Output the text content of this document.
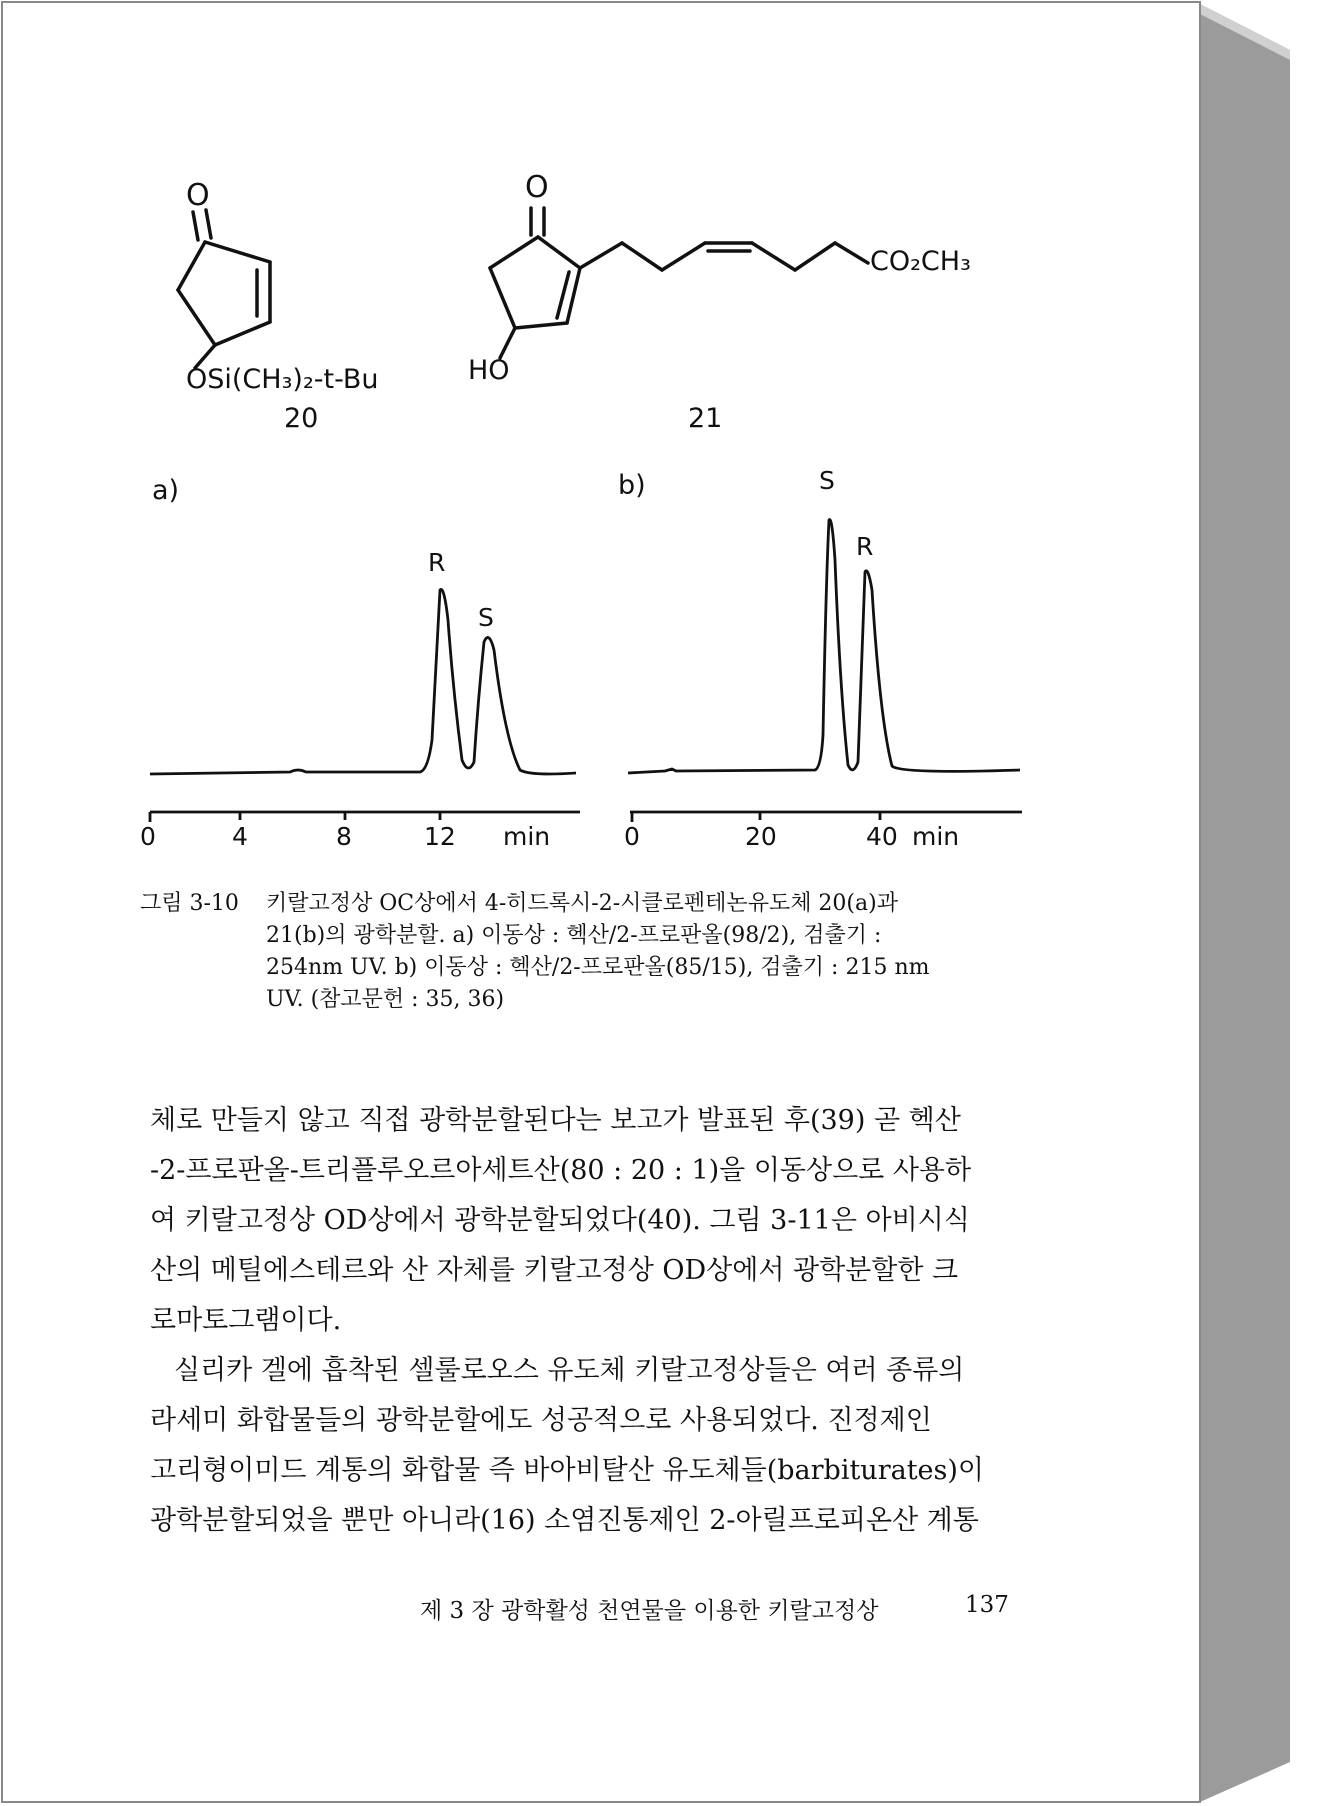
O
OSi(CH₃)₂-t-Bu
20
O
CO₂CH₃
HO
21
a)
R
S
0	4	8	12 min
b)	S
R
0	20	40 min
그림 3-10 키랄고정상 OC상에서 4-히드록시-2-시클로펜테논유도체 20(a)과
21(b)의 광학분할. a) 이동상 : 헥산/2-프로판올(98/2), 검출기 :
254nm UV. b) 이동상 : 헥산/2-프로판올(85/15), 검출기 : 215 nm
UV. (참고문헌 : 35, 36)
체로 만들지 않고 직접 광학분할된다는 보고가 발표된 후(39) 곧 헥산
-2-프로판올-트리플루오르아세트산(80 : 20 : 1)을 이동상으로 사용하
여 키랄고정상 OD상에서 광학분할되었다(40). 그림 3-11은 아비시식
산의 메틸에스테르와 산 자체를 키랄고정상 OD상에서 광학분할한 크
로마토그램이다.
실리카 겔에 흡착된 셀룰로오스 유도체 키랄고정상들은 여러 종류의
라세미 화합물들의 광학분할에도 성공적으로 사용되었다. 진정제인
고리형이미드 계통의 화합물 즉 바아비탈산 유도체들(barbiturates)이
광학분할되었을 뿐만 아니라(16) 소염진통제인 2-아릴프로피온산 계통
제 3 장 광학활성 천연물을 이용한 키랄고정상	137
